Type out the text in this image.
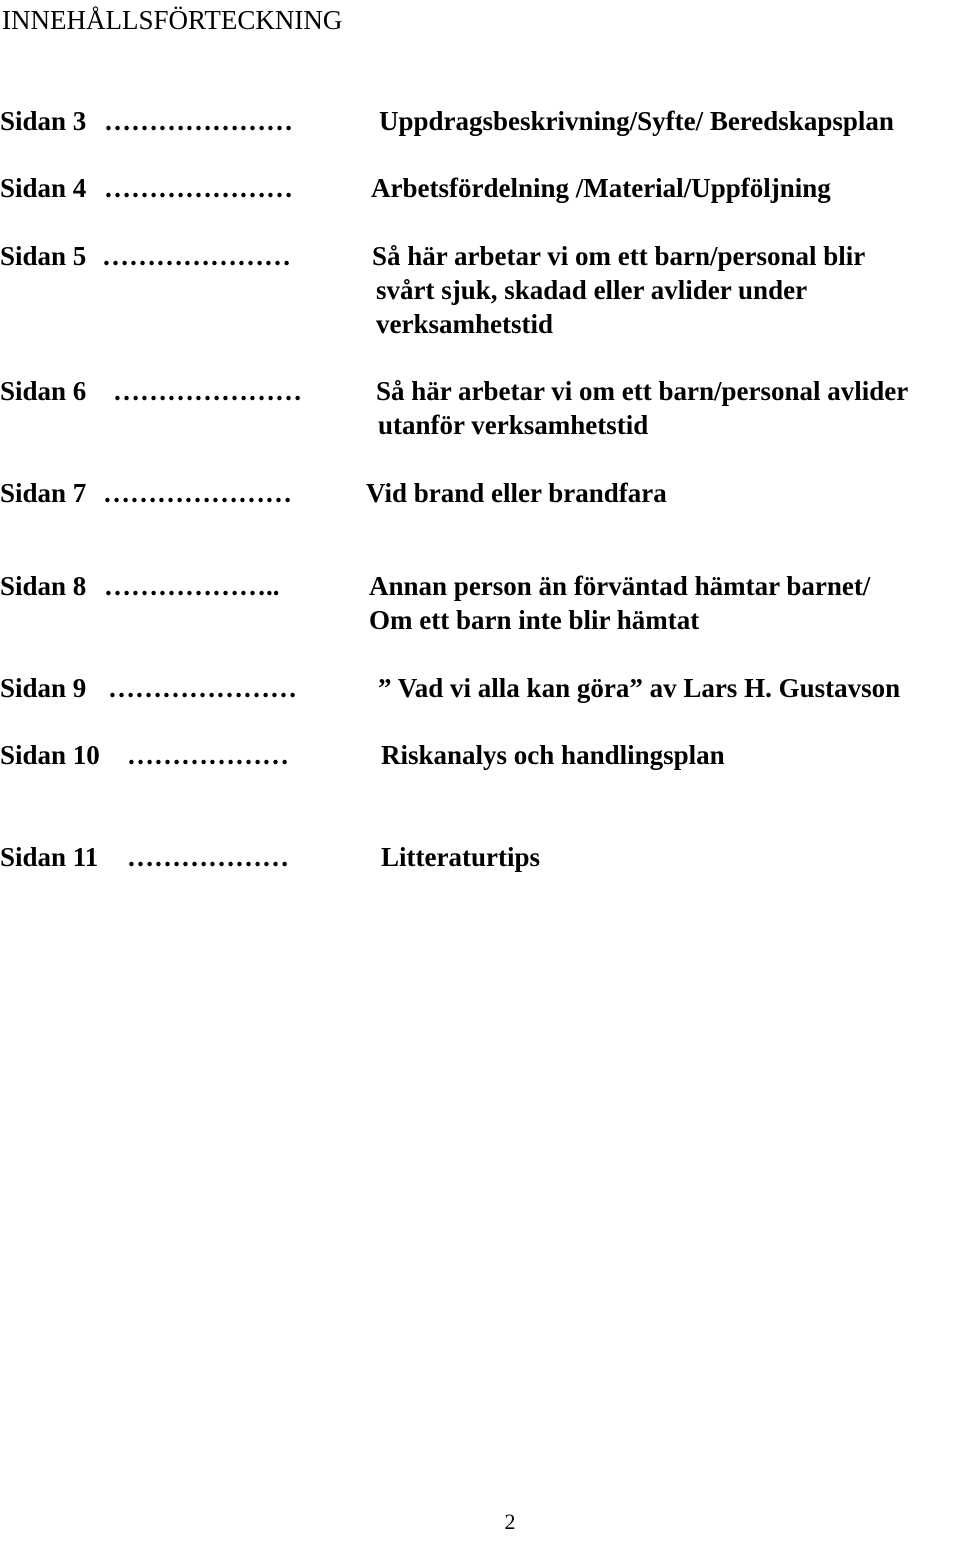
INNEHÅLLSFÖRTECKNING
Sidan 3 …………………	Uppdragsbeskrivning/Syfte/ Beredskapsplan
Sidan 4 …………………	Arbetsfördelning /Material/Uppföljning
Sidan 5 …………………	Så här arbetar vi om ett barn/personal blir
svårt sjuk, skadad eller avlider under
verksamhetstid
Sidan 6 …………………	Så här arbetar vi om ett barn/personal avlider
utanför verksamhetstid
Sidan 7 …………………	Vid brand eller brandfara
Sidan 8 ………………..	Annan person än förväntad hämtar barnet/
Om ett barn inte blir hämtat
Sidan 9 …………………	” Vad vi alla kan göra” av Lars H. Gustavson
Sidan 10 ………………	Riskanalys och handlingsplan
Sidan 11 ………………	Litteraturtips
2
